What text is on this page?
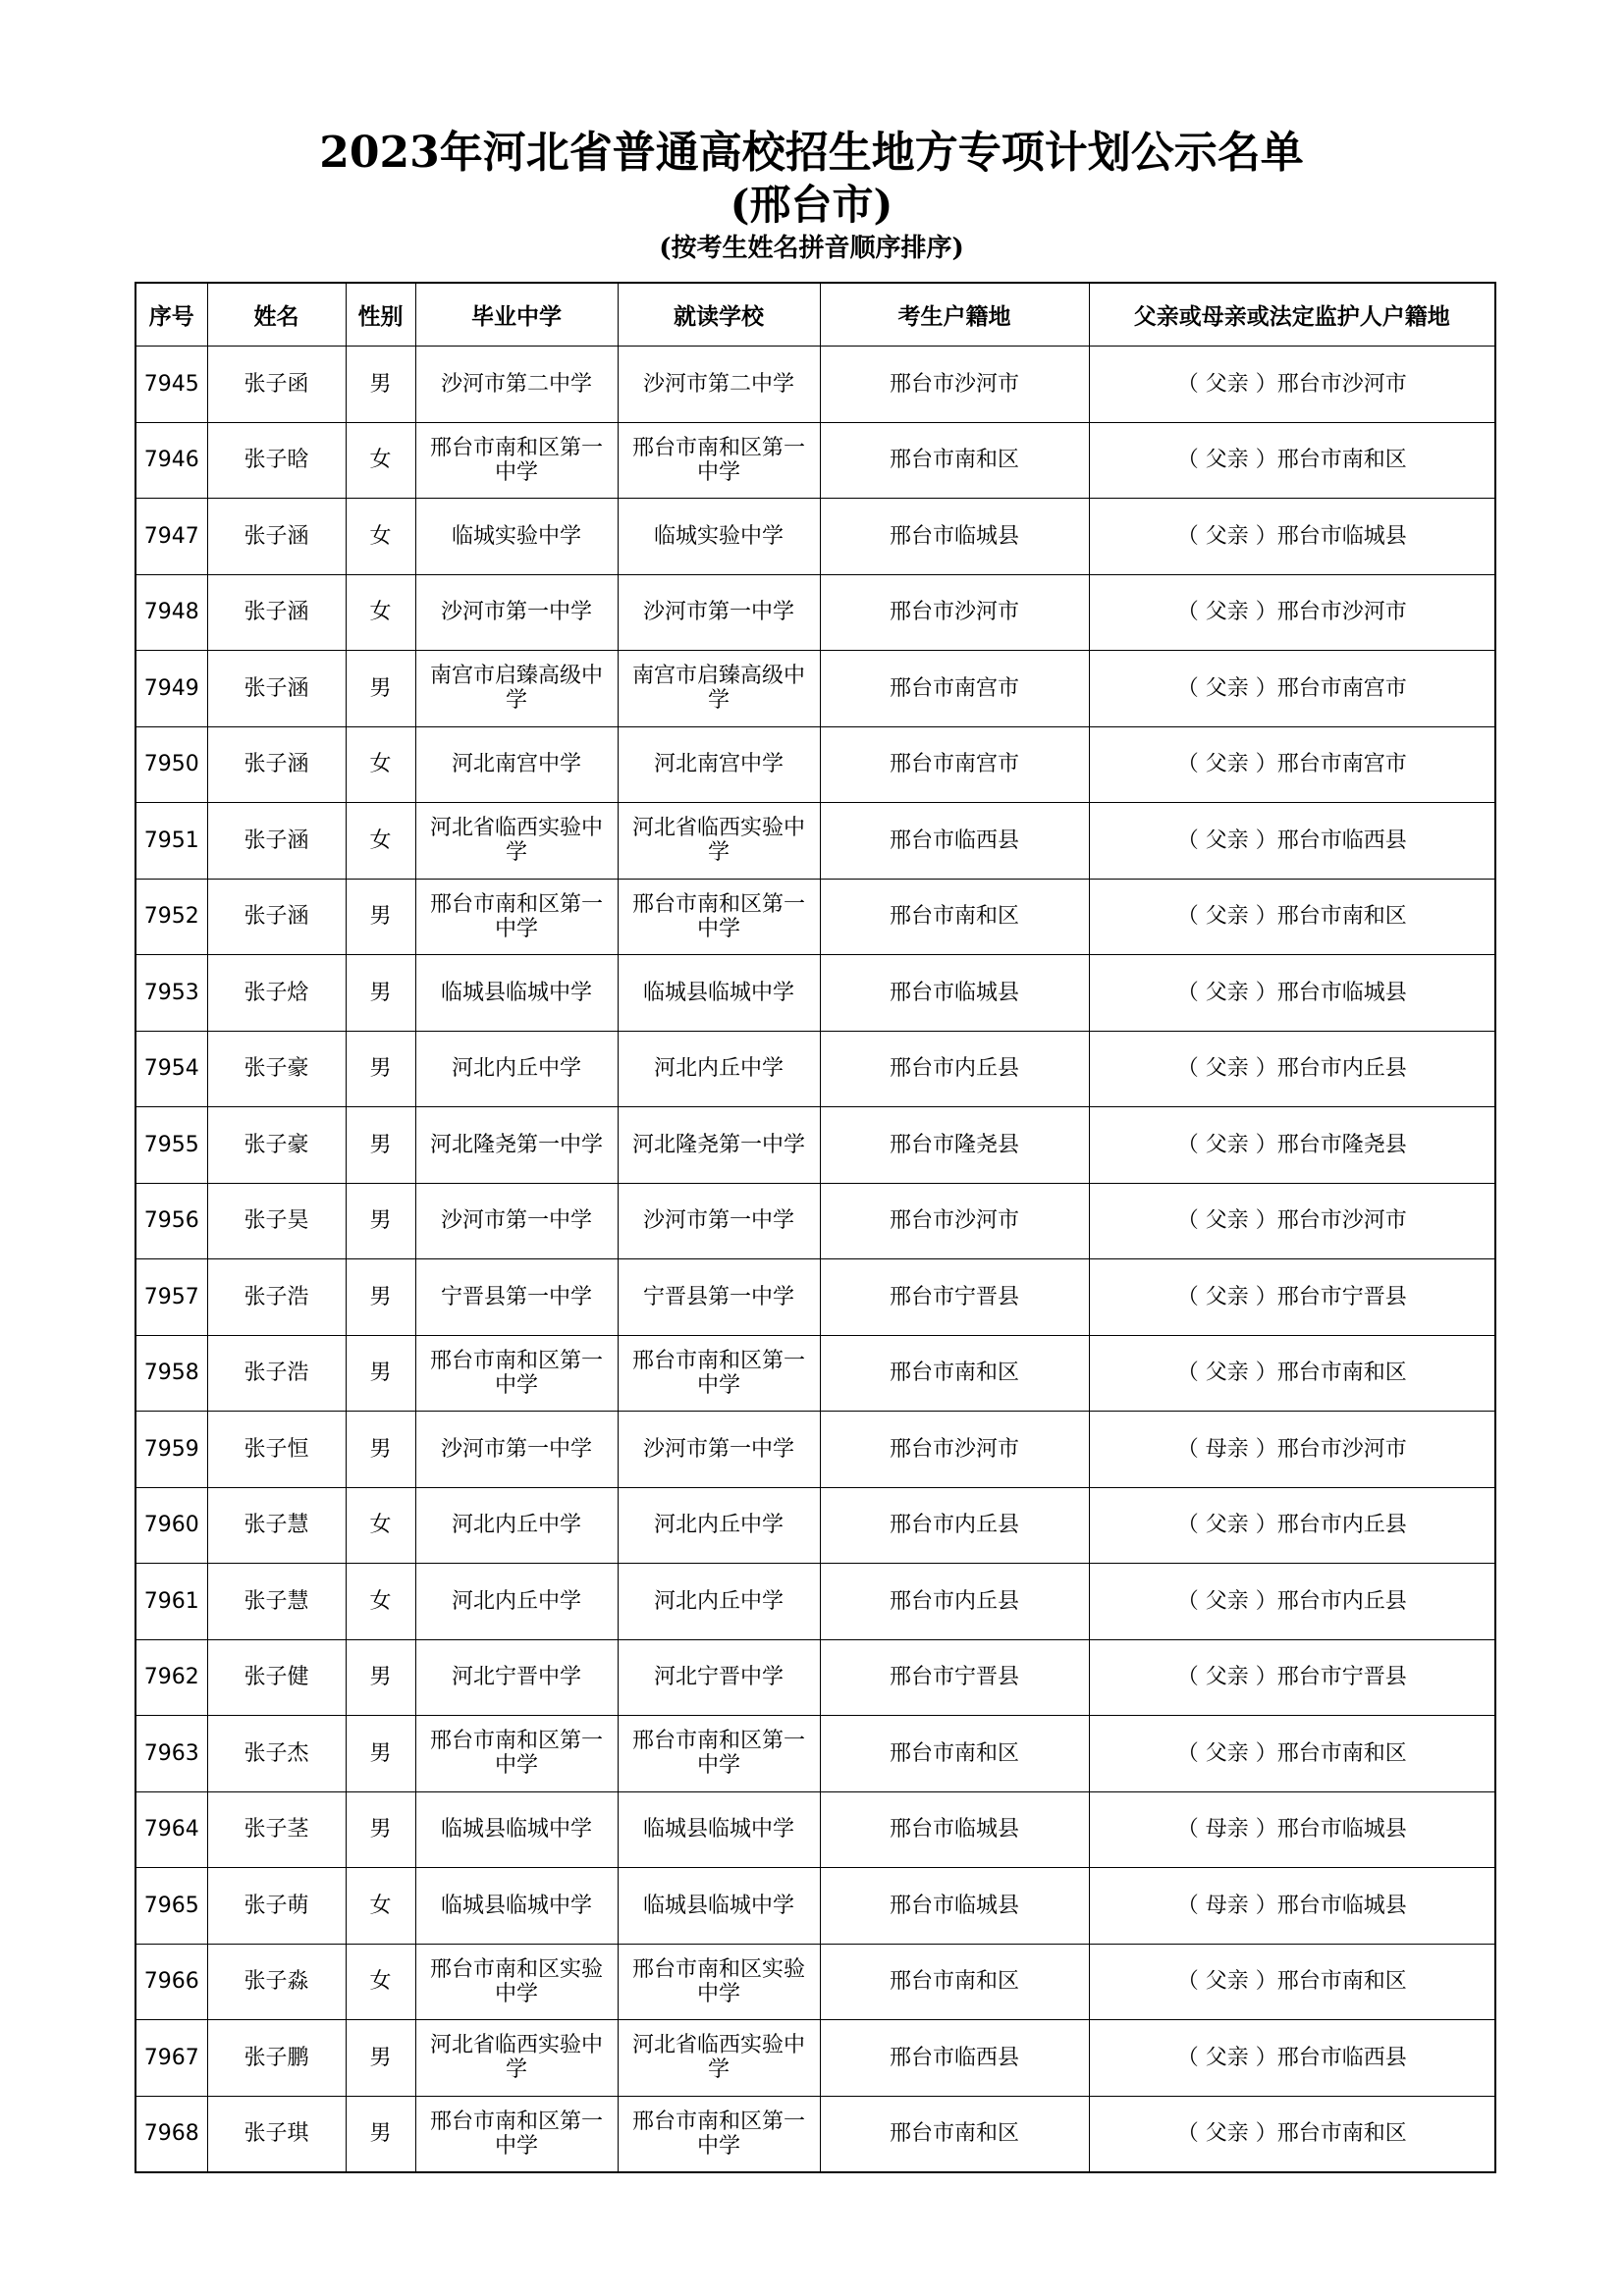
2023年河北省普通高校招生地方专项计划公示名单
(邢台市)
(按考生姓名拼音顺序排序)
序号	姓名	性别	毕业中学	就读学校	考生户籍地	父亲或母亲或法定监护人户籍地
7945	张子函	男	沙河市第二中学	沙河市第二中学	邢台市沙河市	（ 父亲 ）邢台市沙河市
7946	张子晗	女	邢台市南和区第一中学	邢台市南和区第一中学	邢台市南和区	（ 父亲 ）邢台市南和区
7947	张子涵	女	临城实验中学	临城实验中学	邢台市临城县	（ 父亲 ）邢台市临城县
7948	张子涵	女	沙河市第一中学	沙河市第一中学	邢台市沙河市	（ 父亲 ）邢台市沙河市
7949	张子涵	男	南宫市启臻高级中学	南宫市启臻高级中学	邢台市南宫市	（ 父亲 ）邢台市南宫市
7950	张子涵	女	河北南宫中学	河北南宫中学	邢台市南宫市	（ 父亲 ）邢台市南宫市
7951	张子涵	女	河北省临西实验中学	河北省临西实验中学	邢台市临西县	（ 父亲 ）邢台市临西县
7952	张子涵	男	邢台市南和区第一中学	邢台市南和区第一中学	邢台市南和区	（ 父亲 ）邢台市南和区
7953	张子焓	男	临城县临城中学	临城县临城中学	邢台市临城县	（ 父亲 ）邢台市临城县
7954	张子豪	男	河北内丘中学	河北内丘中学	邢台市内丘县	（ 父亲 ）邢台市内丘县
7955	张子豪	男	河北隆尧第一中学	河北隆尧第一中学	邢台市隆尧县	（ 父亲 ）邢台市隆尧县
7956	张子昊	男	沙河市第一中学	沙河市第一中学	邢台市沙河市	（ 父亲 ）邢台市沙河市
7957	张子浩	男	宁晋县第一中学	宁晋县第一中学	邢台市宁晋县	（ 父亲 ）邢台市宁晋县
7958	张子浩	男	邢台市南和区第一中学	邢台市南和区第一中学	邢台市南和区	（ 父亲 ）邢台市南和区
7959	张子恒	男	沙河市第一中学	沙河市第一中学	邢台市沙河市	（ 母亲 ）邢台市沙河市
7960	张子慧	女	河北内丘中学	河北内丘中学	邢台市内丘县	（ 父亲 ）邢台市内丘县
7961	张子慧	女	河北内丘中学	河北内丘中学	邢台市内丘县	（ 父亲 ）邢台市内丘县
7962	张子健	男	河北宁晋中学	河北宁晋中学	邢台市宁晋县	（ 父亲 ）邢台市宁晋县
7963	张子杰	男	邢台市南和区第一中学	邢台市南和区第一中学	邢台市南和区	（ 父亲 ）邢台市南和区
7964	张子茎	男	临城县临城中学	临城县临城中学	邢台市临城县	（ 母亲 ）邢台市临城县
7965	张子萌	女	临城县临城中学	临城县临城中学	邢台市临城县	（ 母亲 ）邢台市临城县
7966	张子淼	女	邢台市南和区实验中学	邢台市南和区实验中学	邢台市南和区	（ 父亲 ）邢台市南和区
7967	张子鹏	男	河北省临西实验中学	河北省临西实验中学	邢台市临西县	（ 父亲 ）邢台市临西县
7968	张子琪	男	邢台市南和区第一中学	邢台市南和区第一中学	邢台市南和区	（ 父亲 ）邢台市南和区
